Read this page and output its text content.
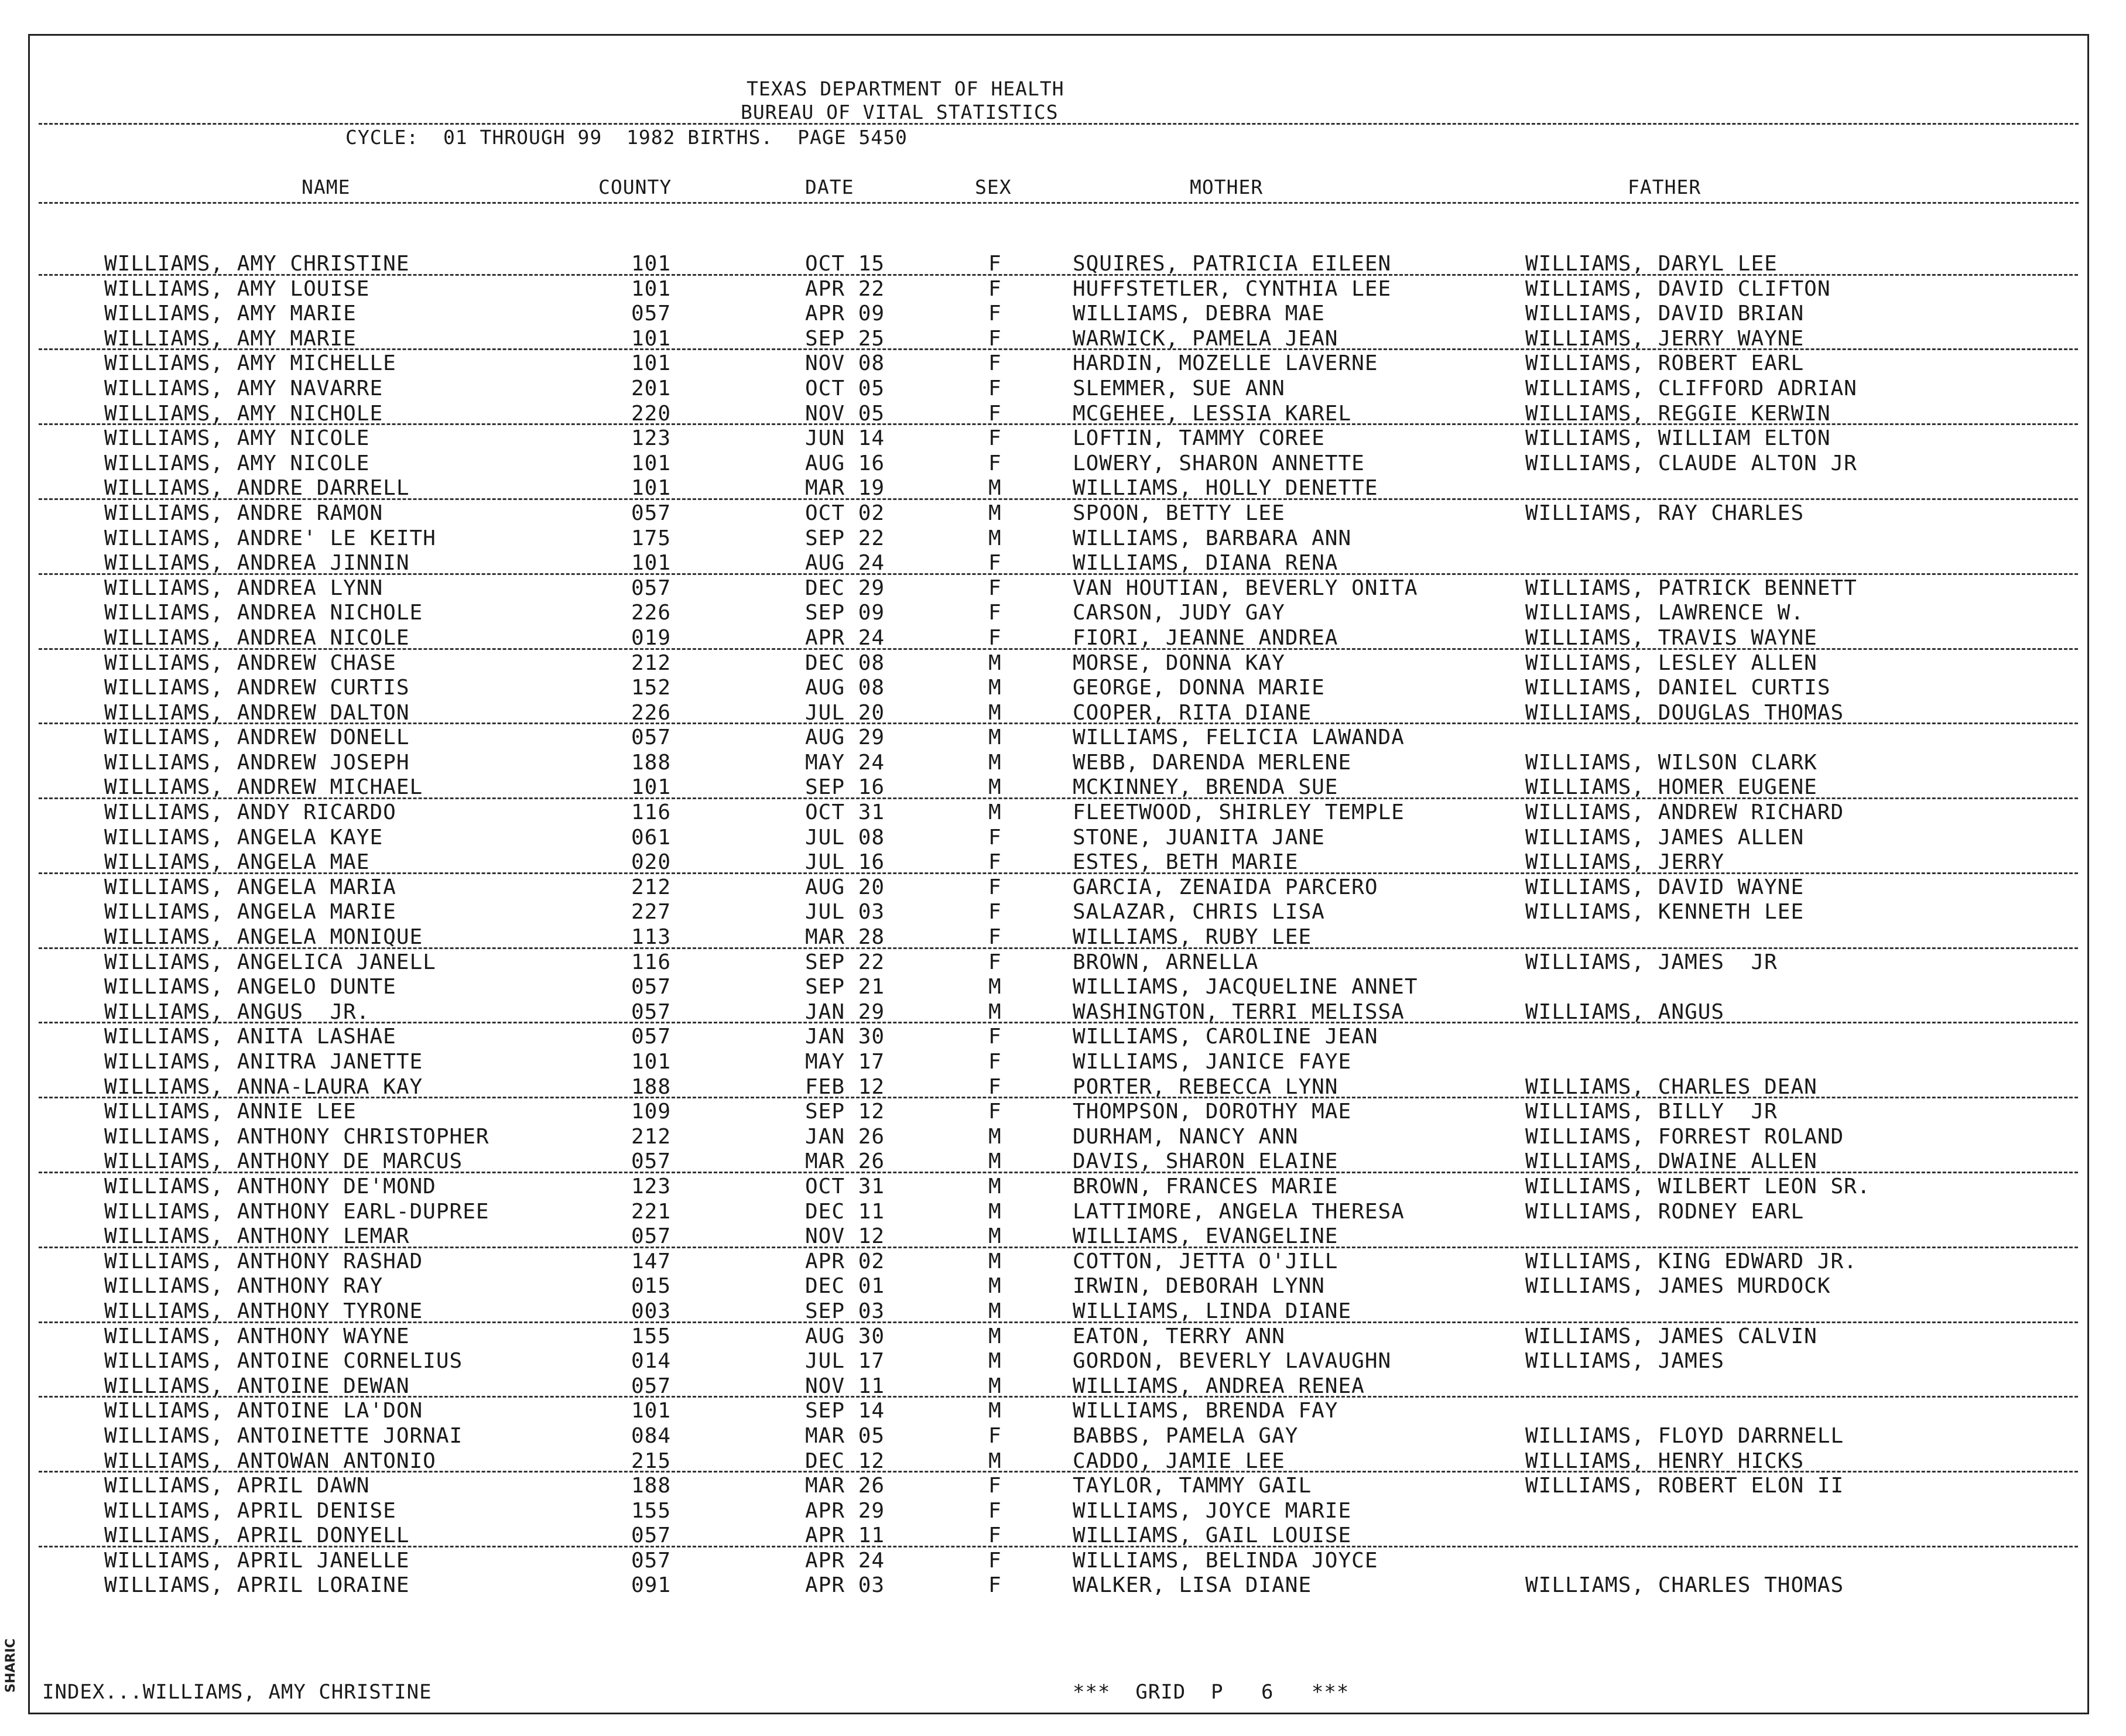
SHARIC
TEXAS DEPARTMENT OF HEALTH
BUREAU OF VITAL STATISTICS
CYCLE:  01 THROUGH 99  1982 BIRTHS.  PAGE 5450
NAME	COUNTY	DATE	SEX	MOTHER	FATHER
WILLIAMS, AMY CHRISTINE	101	OCT 15	F	SQUIRES, PATRICIA EILEEN	WILLIAMS, DARYL LEE
WILLIAMS, AMY LOUISE	101	APR 22	F	HUFFSTETLER, CYNTHIA LEE	WILLIAMS, DAVID CLIFTON
WILLIAMS, AMY MARIE	057	APR 09	F	WILLIAMS, DEBRA MAE	WILLIAMS, DAVID BRIAN
WILLIAMS, AMY MARIE	101	SEP 25	F	WARWICK, PAMELA JEAN	WILLIAMS, JERRY WAYNE
WILLIAMS, AMY MICHELLE	101	NOV 08	F	HARDIN, MOZELLE LAVERNE	WILLIAMS, ROBERT EARL
WILLIAMS, AMY NAVARRE	201	OCT 05	F	SLEMMER, SUE ANN	WILLIAMS, CLIFFORD ADRIAN
WILLIAMS, AMY NICHOLE	220	NOV 05	F	MCGEHEE, LESSIA KAREL	WILLIAMS, REGGIE KERWIN
WILLIAMS, AMY NICOLE	123	JUN 14	F	LOFTIN, TAMMY COREE	WILLIAMS, WILLIAM ELTON
WILLIAMS, AMY NICOLE	101	AUG 16	F	LOWERY, SHARON ANNETTE	WILLIAMS, CLAUDE ALTON JR
WILLIAMS, ANDRE DARRELL	101	MAR 19	M	WILLIAMS, HOLLY DENETTE
WILLIAMS, ANDRE RAMON	057	OCT 02	M	SPOON, BETTY LEE	WILLIAMS, RAY CHARLES
WILLIAMS, ANDRE' LE KEITH	175	SEP 22	M	WILLIAMS, BARBARA ANN
WILLIAMS, ANDREA JINNIN	101	AUG 24	F	WILLIAMS, DIANA RENA
WILLIAMS, ANDREA LYNN	057	DEC 29	F	VAN HOUTIAN, BEVERLY ONITA	WILLIAMS, PATRICK BENNETT
WILLIAMS, ANDREA NICHOLE	226	SEP 09	F	CARSON, JUDY GAY	WILLIAMS, LAWRENCE W.
WILLIAMS, ANDREA NICOLE	019	APR 24	F	FIORI, JEANNE ANDREA	WILLIAMS, TRAVIS WAYNE
WILLIAMS, ANDREW CHASE	212	DEC 08	M	MORSE, DONNA KAY	WILLIAMS, LESLEY ALLEN
WILLIAMS, ANDREW CURTIS	152	AUG 08	M	GEORGE, DONNA MARIE	WILLIAMS, DANIEL CURTIS
WILLIAMS, ANDREW DALTON	226	JUL 20	M	COOPER, RITA DIANE	WILLIAMS, DOUGLAS THOMAS
WILLIAMS, ANDREW DONELL	057	AUG 29	M	WILLIAMS, FELICIA LAWANDA
WILLIAMS, ANDREW JOSEPH	188	MAY 24	M	WEBB, DARENDA MERLENE	WILLIAMS, WILSON CLARK
WILLIAMS, ANDREW MICHAEL	101	SEP 16	M	MCKINNEY, BRENDA SUE	WILLIAMS, HOMER EUGENE
WILLIAMS, ANDY RICARDO	116	OCT 31	M	FLEETWOOD, SHIRLEY TEMPLE	WILLIAMS, ANDREW RICHARD
WILLIAMS, ANGELA KAYE	061	JUL 08	F	STONE, JUANITA JANE	WILLIAMS, JAMES ALLEN
WILLIAMS, ANGELA MAE	020	JUL 16	F	ESTES, BETH MARIE	WILLIAMS, JERRY
WILLIAMS, ANGELA MARIA	212	AUG 20	F	GARCIA, ZENAIDA PARCERO	WILLIAMS, DAVID WAYNE
WILLIAMS, ANGELA MARIE	227	JUL 03	F	SALAZAR, CHRIS LISA	WILLIAMS, KENNETH LEE
WILLIAMS, ANGELA MONIQUE	113	MAR 28	F	WILLIAMS, RUBY LEE
WILLIAMS, ANGELICA JANELL	116	SEP 22	F	BROWN, ARNELLA	WILLIAMS, JAMES  JR
WILLIAMS, ANGELO DUNTE	057	SEP 21	M	WILLIAMS, JACQUELINE ANNET
WILLIAMS, ANGUS  JR.	057	JAN 29	M	WASHINGTON, TERRI MELISSA	WILLIAMS, ANGUS
WILLIAMS, ANITA LASHAE	057	JAN 30	F	WILLIAMS, CAROLINE JEAN
WILLIAMS, ANITRA JANETTE	101	MAY 17	F	WILLIAMS, JANICE FAYE
WILLIAMS, ANNA-LAURA KAY	188	FEB 12	F	PORTER, REBECCA LYNN	WILLIAMS, CHARLES DEAN
WILLIAMS, ANNIE LEE	109	SEP 12	F	THOMPSON, DOROTHY MAE	WILLIAMS, BILLY  JR
WILLIAMS, ANTHONY CHRISTOPHER	212	JAN 26	M	DURHAM, NANCY ANN	WILLIAMS, FORREST ROLAND
WILLIAMS, ANTHONY DE MARCUS	057	MAR 26	M	DAVIS, SHARON ELAINE	WILLIAMS, DWAINE ALLEN
WILLIAMS, ANTHONY DE'MOND	123	OCT 31	M	BROWN, FRANCES MARIE	WILLIAMS, WILBERT LEON SR.
WILLIAMS, ANTHONY EARL-DUPREE	221	DEC 11	M	LATTIMORE, ANGELA THERESA	WILLIAMS, RODNEY EARL
WILLIAMS, ANTHONY LEMAR	057	NOV 12	M	WILLIAMS, EVANGELINE
WILLIAMS, ANTHONY RASHAD	147	APR 02	M	COTTON, JETTA O'JILL	WILLIAMS, KING EDWARD JR.
WILLIAMS, ANTHONY RAY	015	DEC 01	M	IRWIN, DEBORAH LYNN	WILLIAMS, JAMES MURDOCK
WILLIAMS, ANTHONY TYRONE	003	SEP 03	M	WILLIAMS, LINDA DIANE
WILLIAMS, ANTHONY WAYNE	155	AUG 30	M	EATON, TERRY ANN	WILLIAMS, JAMES CALVIN
WILLIAMS, ANTOINE CORNELIUS	014	JUL 17	M	GORDON, BEVERLY LAVAUGHN	WILLIAMS, JAMES
WILLIAMS, ANTOINE DEWAN	057	NOV 11	M	WILLIAMS, ANDREA RENEA
WILLIAMS, ANTOINE LA'DON	101	SEP 14	M	WILLIAMS, BRENDA FAY
WILLIAMS, ANTOINETTE JORNAI	084	MAR 05	F	BABBS, PAMELA GAY	WILLIAMS, FLOYD DARRNELL
WILLIAMS, ANTOWAN ANTONIO	215	DEC 12	M	CADDO, JAMIE LEE	WILLIAMS, HENRY HICKS
WILLIAMS, APRIL DAWN	188	MAR 26	F	TAYLOR, TAMMY GAIL	WILLIAMS, ROBERT ELON II
WILLIAMS, APRIL DENISE	155	APR 29	F	WILLIAMS, JOYCE MARIE
WILLIAMS, APRIL DONYELL	057	APR 11	F	WILLIAMS, GAIL LOUISE
WILLIAMS, APRIL JANELLE	057	APR 24	F	WILLIAMS, BELINDA JOYCE
WILLIAMS, APRIL LORAINE	091	APR 03	F	WALKER, LISA DIANE	WILLIAMS, CHARLES THOMAS
INDEX...WILLIAMS, AMY CHRISTINE	***  GRID  P   6   ***
